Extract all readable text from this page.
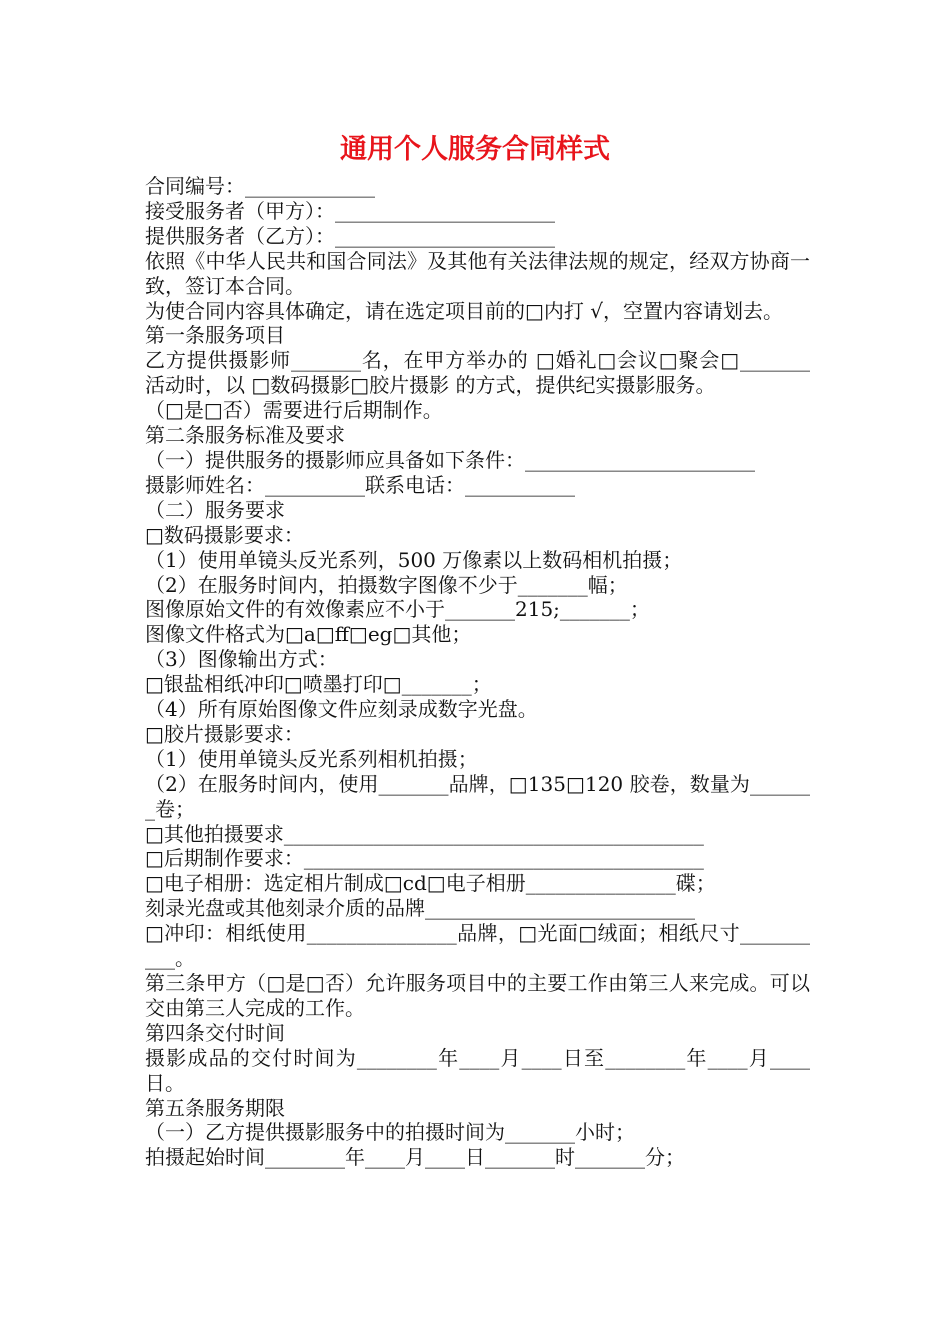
通用个人服务合同样式

合同编号：_____________

接受服务者（甲方）：______________________

提供服务者（乙方）：______________________

依照《中华人民共和国合同法》及其他有关法律法规的规定，经双方协商一致，签订本合同。

为使合同内容具体确定，请在选定项目前的□内打 √，空置内容请划去。

第一条服务项目

乙方提供摄影师_______名，在甲方举办的 □婚礼□会议□聚会□_______ 活动时，以 □数码摄影□胶片摄影 的方式，提供纪实摄影服务。

（□是□否）需要进行后期制作。

第二条服务标准及要求

（一）提供服务的摄影师应具备如下条件：_______________________

摄影师姓名：__________联系电话：___________

（二）服务要求

□数码摄影要求：

（1）使用单镜头反光系列，500 万像素以上数码相机拍摄；

（2）在服务时间内，拍摄数字图像不少于_______幅；

图像原始文件的有效像素应不小于_______215;_______；

图像文件格式为□a□ff□eg□其他；

（3）图像输出方式：

□银盐相纸冲印□喷墨打印□_______；

（4）所有原始图像文件应刻录成数字光盘。

□胶片摄影要求：

（1）使用单镜头反光系列相机拍摄；

（2）在服务时间内，使用_______品牌，□135□120 胶卷，数量为_______卷；

□其他拍摄要求__________________________________________

□后期制作要求：________________________________________

□电子相册：选定相片制成□cd□电子相册_______________碟；

刻录光盘或其他刻录介质的品牌___________________________

□冲印：相纸使用_______________品牌，□光面□绒面；相纸尺寸__________。

第三条甲方（□是□否）允许服务项目中的主要工作由第三人来完成。可以交由第三人完成的工作。

第四条交付时间

摄影成品的交付时间为________年____月____日至________年____月____日。

第五条服务期限

（一）乙方提供摄影服务中的拍摄时间为_______小时；

拍摄起始时间________年____月____日_______时_______分；
